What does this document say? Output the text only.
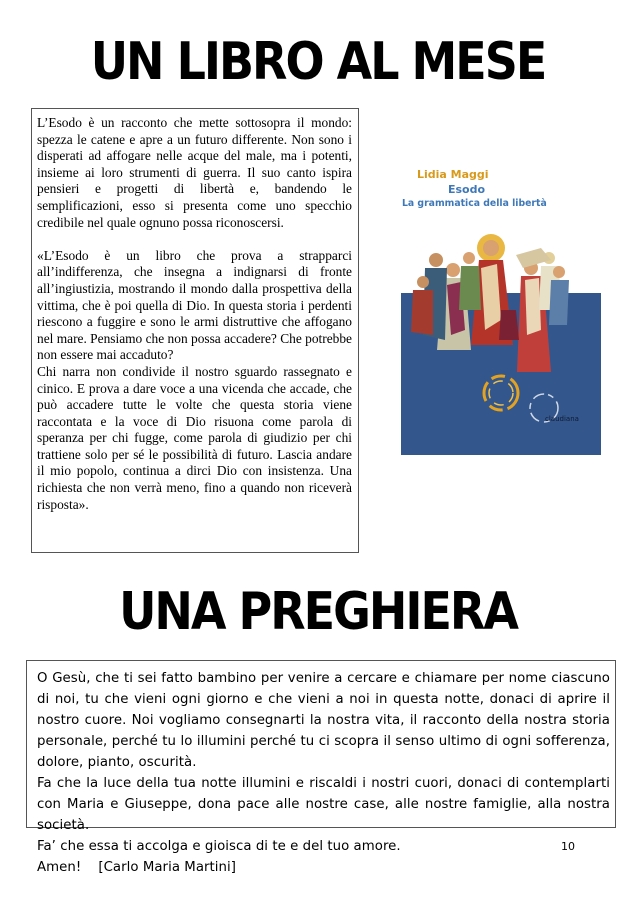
UN LIBRO AL MESE

L’Esodo è un racconto che mette sottosopra il mondo: spezza le catene e apre a un futuro differente. Non sono i disperati ad affogare nelle acque del male, ma i potenti, insieme ai loro strumenti di guerra. Il suo canto ispira pensieri e progetti di libertà e, bandendo le semplificazioni, esso si presenta come uno specchio credibile nel quale ognuno possa riconoscersi.

«L’Esodo è un libro che prova a strapparci all’indifferenza, che insegna a indignarsi di fronte all’ingiustizia, mostrando il mondo dalla prospettiva della vittima, che è poi quella di Dio. In questa storia i perdenti riescono a fuggire e sono le armi distruttive che affogano nel mare. Pensiamo che non possa accadere? Che potrebbe non essere mai accaduto?

Chi narra non condivide il nostro sguardo rassegnato e cinico. E prova a dare voce a una vicenda che accade, che può accadere tutte le volte che questa storia viene raccontata e la voce di Dio risuona come parola di speranza per chi fugge, come parola di giudizio per chi trattiene solo per sé le possibilità di futuro. Lascia andare il mio popolo, continua a dirci Dio con insistenza. Una richiesta che non verrà meno, fino a quando non riceverà risposta».

Lidia Maggi
Esodo
La grammatica della libertà
claudiana
UNA PREGHIERA

O Gesù, che ti sei fatto bambino per venire a cercare e chiamare per nome ciascuno di noi, tu che vieni ogni giorno e che vieni a noi in questa notte, donaci di aprire il nostro cuore. Noi vogliamo consegnarti la nostra vita, il racconto della nostra storia personale, perché tu lo illumini perché tu ci scopra il senso ultimo di ogni sofferenza, dolore, pianto, oscurità.

Fa che la luce della tua notte illumini e riscaldi i nostri cuori, donaci di contemplarti con Maria e Giuseppe, dona pace alle nostre case, alle nostre famiglie, alla nostra società.

Fa’ che essa ti accolga e gioisca di te e del tuo amore.

Amen!    [Carlo Maria Martini]

10
